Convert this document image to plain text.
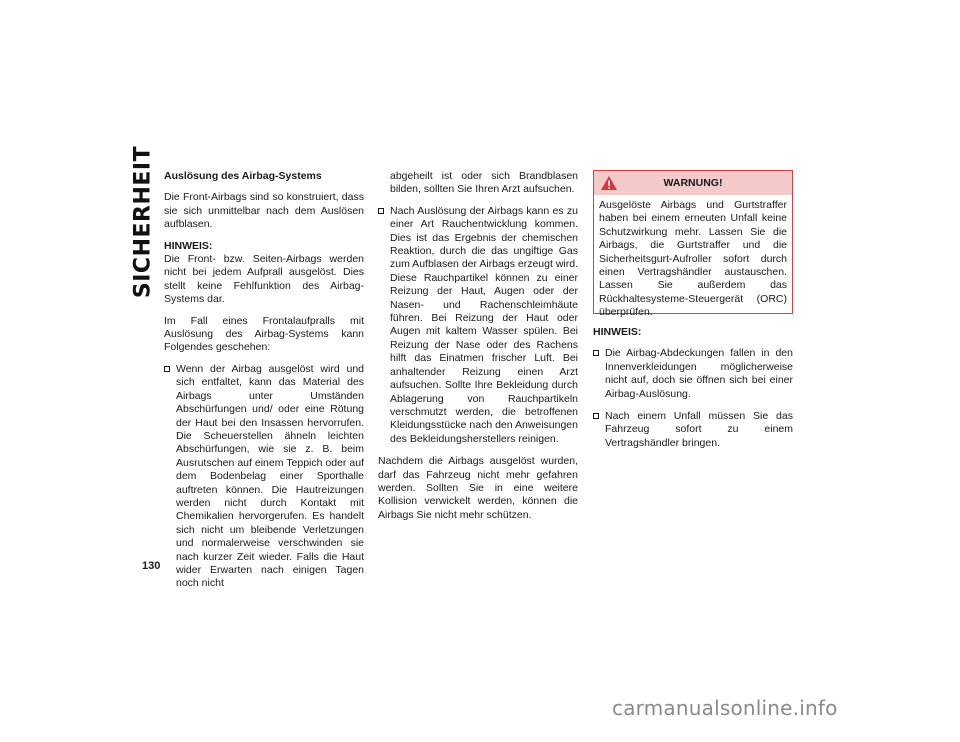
SICHERHEIT
130

Auslösung des Airbag-Systems

Die Front-Airbags sind so konstruiert, dass sie sich unmittelbar nach dem Auslösen aufblasen.

HINWEIS:

Die Front- bzw. Seiten-Airbags werden nicht bei jedem Aufprall ausgelöst. Dies stellt keine Fehlfunktion des Airbag-Systems dar.

Im Fall eines Frontalaufpralls mit Auslösung des Airbag-Systems kann Folgendes geschehen:

Wenn der Airbag ausgelöst wird und sich entfaltet, kann das Material des Airbags unter Umständen Abschürfungen und/ oder eine Rötung der Haut bei den Insassen hervorrufen. Die Scheuerstellen ähneln leichten Abschürfungen, wie sie z. B. beim Ausrutschen auf einem Teppich oder auf dem Bodenbelag einer Sporthalle auftreten können. Die Hautreizungen werden nicht durch Kontakt mit Chemikalien hervorgerufen. Es handelt sich nicht um bleibende Verletzungen und normalerweise verschwinden sie nach kurzer Zeit wieder. Falls die Haut wider Erwarten nach einigen Tagen noch nicht

abgeheilt ist oder sich Brandblasen bilden, sollten Sie Ihren Arzt aufsuchen.

Nach Auslösung der Airbags kann es zu einer Art Rauchentwicklung kommen. Dies ist das Ergebnis der chemischen Reaktion, durch die das ungiftige Gas zum Aufblasen der Airbags erzeugt wird. Diese Rauchpartikel können zu einer Reizung der Haut, Augen oder der Nasen- und Rachenschleimhäute führen. Bei Reizung der Haut oder Augen mit kaltem Wasser spülen. Bei Reizung der Nase oder des Rachens hilft das Einatmen frischer Luft. Bei anhaltender Reizung einen Arzt aufsuchen. Sollte Ihre Bekleidung durch Ablagerung von Rauchpartikeln verschmutzt werden, die betroffenen Kleidungsstücke nach den Anweisungen des Bekleidungsherstellers reinigen.

Nachdem die Airbags ausgelöst wurden, darf das Fahrzeug nicht mehr gefahren werden. Sollten Sie in eine weitere Kollision verwickelt werden, können die Airbags Sie nicht mehr schützen.

WARNUNG!
Ausgelöste Airbags und Gurtstraffer haben bei einem erneuten Unfall keine Schutzwirkung mehr. Lassen Sie die Airbags, die Gurtstraffer und die Sicherheitsgurt-Aufroller sofort durch einen Vertragshändler austauschen. Lassen Sie außerdem das Rückhaltesysteme-Steuergerät (ORC) überprüfen.

HINWEIS:

Die Airbag-Abdeckungen fallen in den Innenverkleidungen möglicherweise nicht auf, doch sie öffnen sich bei einer Airbag-Auslösung.
Nach einem Unfall müssen Sie das Fahrzeug sofort zu einem Vertragshändler bringen.
carmanualsonline.info
